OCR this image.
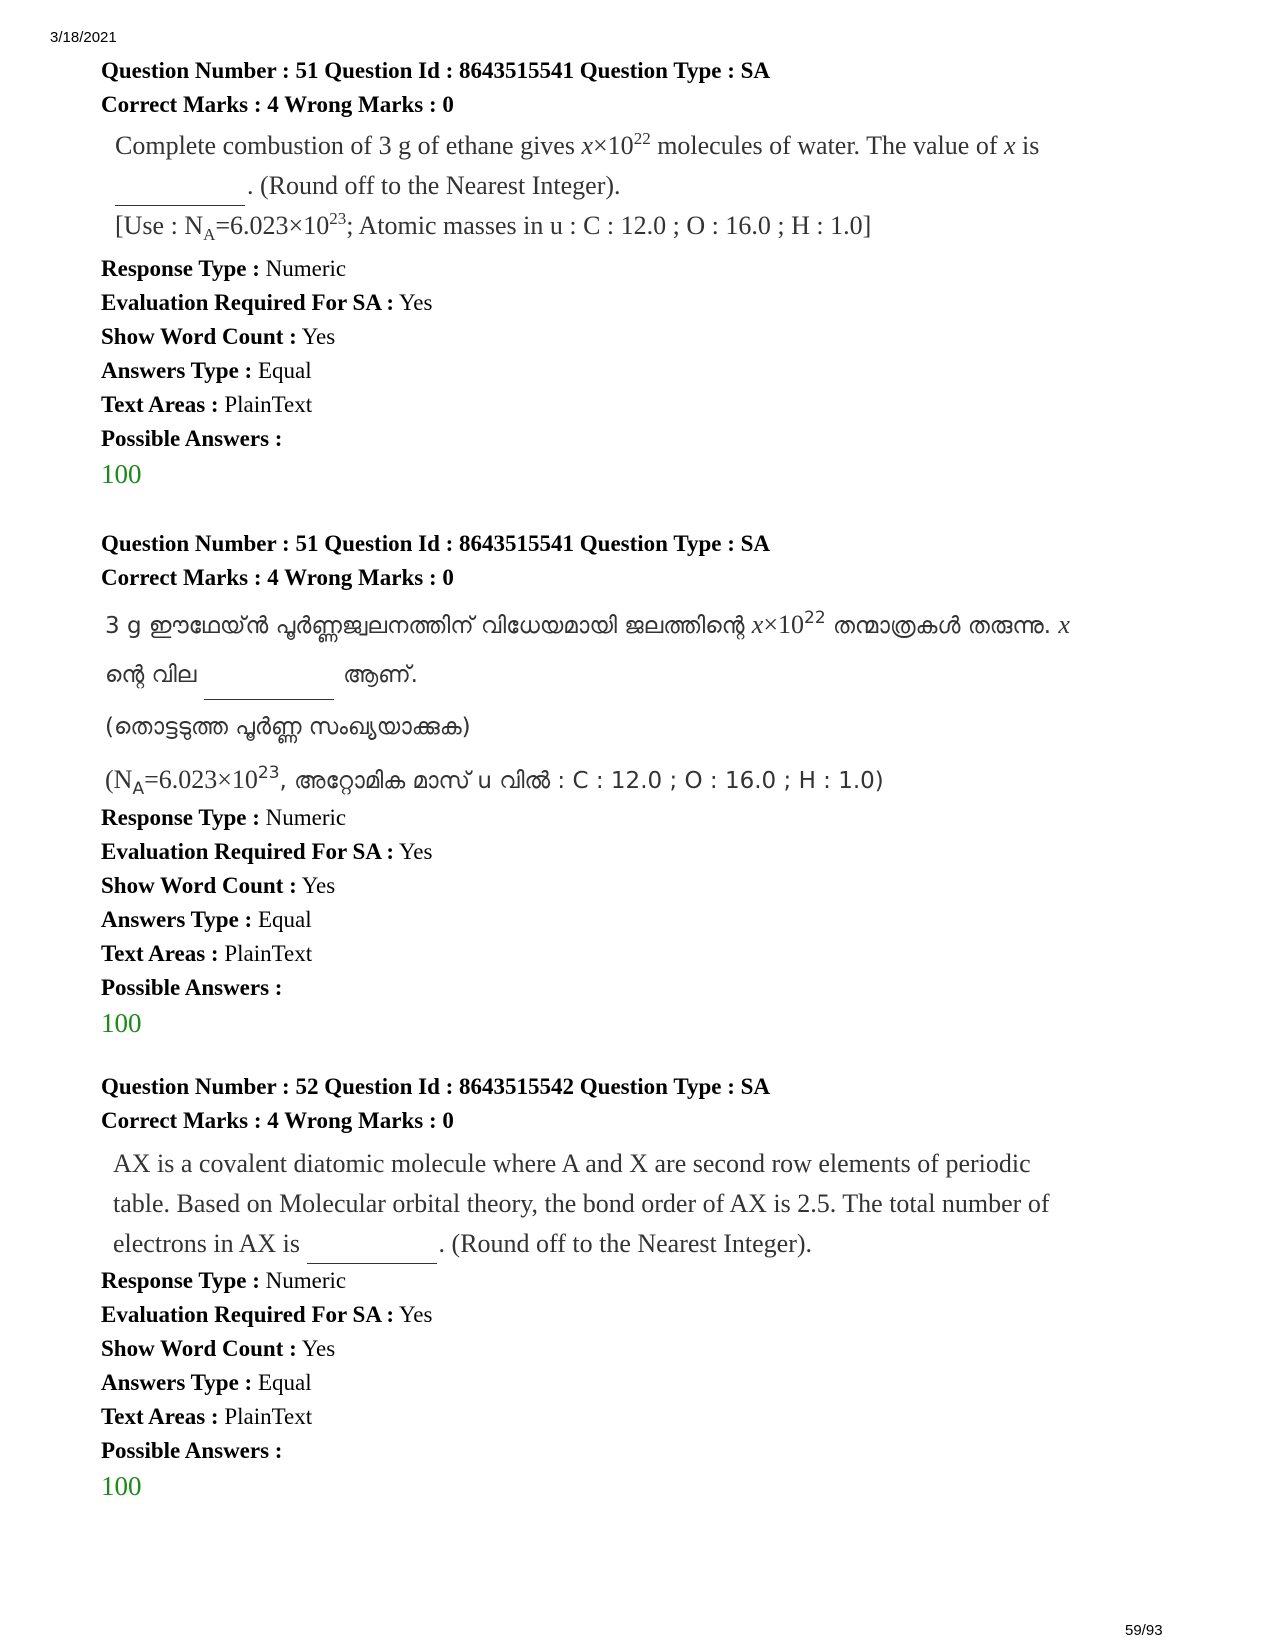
3/18/2021
Question Number : 51 Question Id : 8643515541 Question Type : SA
Correct Marks : 4 Wrong Marks : 0
Complete combustion of 3 g of ethane gives $x\times 10^{22}$ molecules of water. The value of x is
. (Round off to the Nearest Integer).
[Use : $N_A=6.023\times 10^{23}$; Atomic masses in u : C : 12.0 ; O : 16.0 ; H : 1.0]
Response Type : Numeric
Evaluation Required For SA : Yes
Show Word Count : Yes
Answers Type : Equal
Text Areas : PlainText
Possible Answers :
100
Question Number : 51 Question Id : 8643515541 Question Type : SA
Correct Marks : 4 Wrong Marks : 0
3 g ഈഥേയ്ൻ പൂർണ്ണജ്വലനത്തിന് വിധേയമായി ജലത്തിന്റെ $x\times 10^{22}$ തന്മാത്രകൾ തരുന്നു. x
ന്റെ വില	ആണ്.
(തൊട്ടടുത്ത പൂർണ്ണ സംഖ്യയാക്കുക)
($N_A=6.023\times 10^{23}$, അറ്റോമിക മാസ് u വിൽ : C : 12.0 ; O : 16.0 ; H : 1.0)
Response Type : Numeric
Evaluation Required For SA : Yes
Show Word Count : Yes
Answers Type : Equal
Text Areas : PlainText
Possible Answers :
100
Question Number : 52 Question Id : 8643515542 Question Type : SA
Correct Marks : 4 Wrong Marks : 0
AX is a covalent diatomic molecule where A and X are second row elements of periodic
table. Based on Molecular orbital theory, the bond order of AX is 2.5. The total number of
electrons in AX is	. (Round off to the Nearest Integer).
Response Type : Numeric
Evaluation Required For SA : Yes
Show Word Count : Yes
Answers Type : Equal
Text Areas : PlainText
Possible Answers :
100
59/93
